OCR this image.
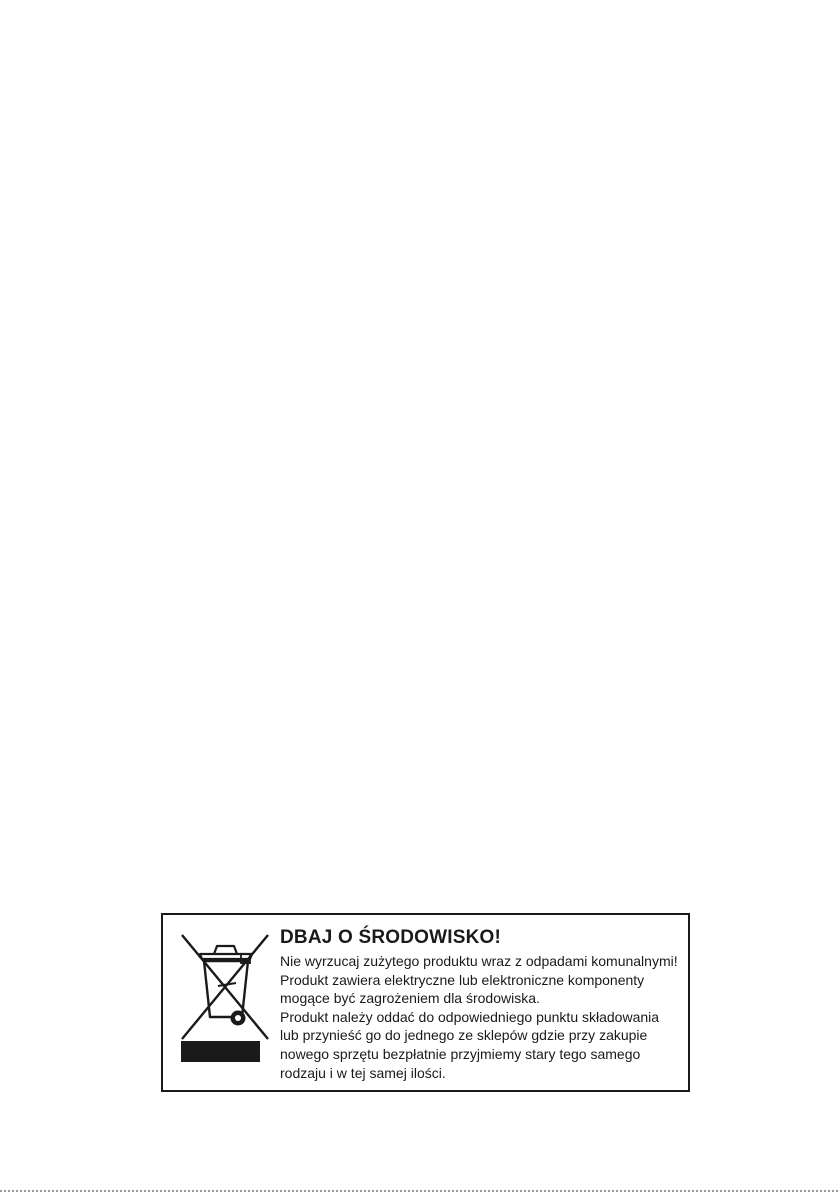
DBAJ O ŚRODOWISKO!

Nie wyrzucaj zużytego produktu wraz z odpadami komunalnymi!

Produkt zawiera elektryczne lub elektroniczne komponenty

mogące być zagrożeniem dla środowiska.

Produkt należy oddać do odpowiedniego punktu składowania

lub przynieść go do jednego ze sklepów gdzie przy zakupie

nowego sprzętu bezpłatnie przyjmiemy stary tego samego

rodzaju i w tej samej ilości.
